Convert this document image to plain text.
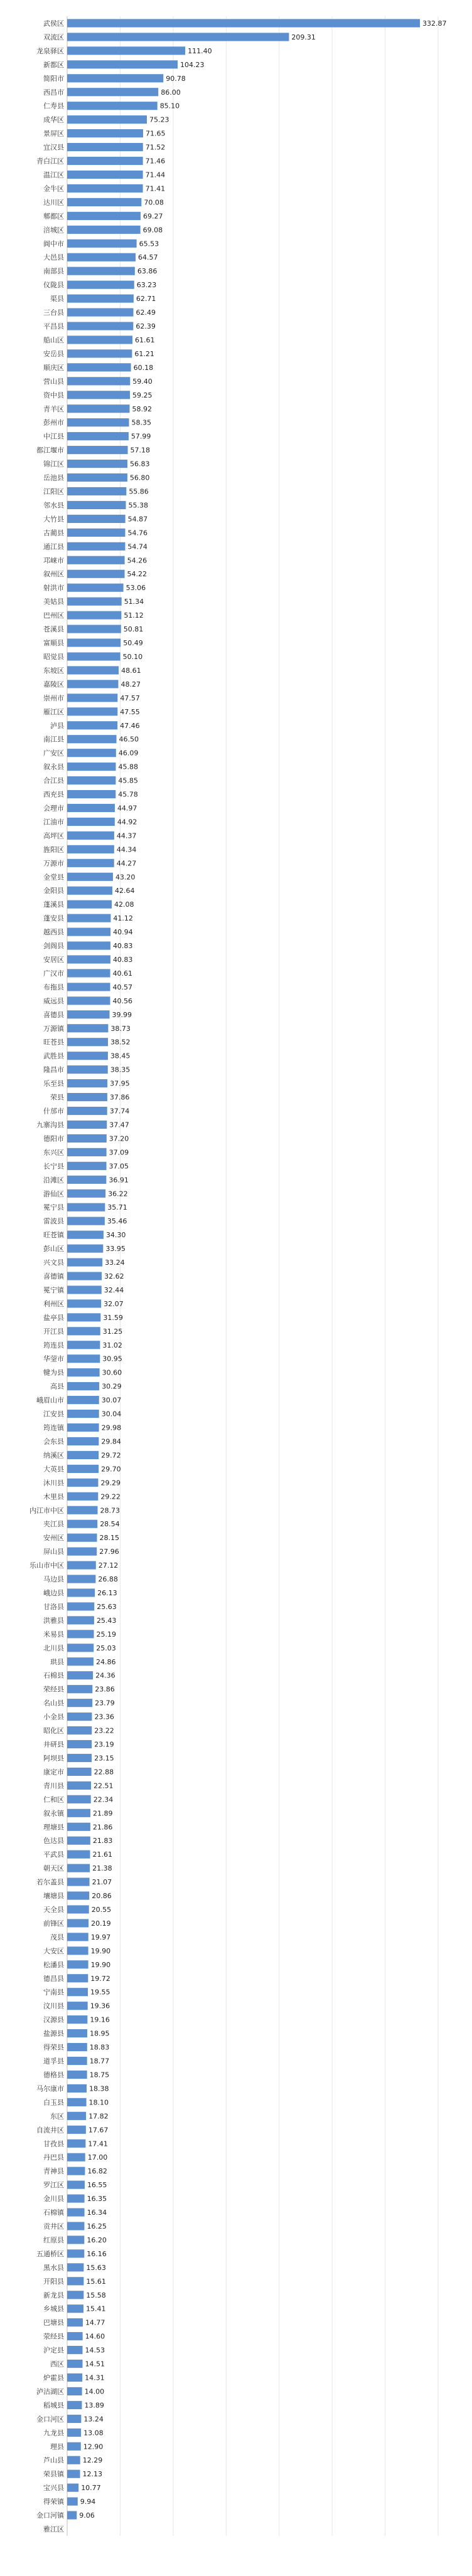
武侯区	332.87
双流区	209.31
龙泉驿区	111.40
新都区	104.23
简阳市	90.78
西昌市	86.00
仁寿县	85.10
成华区	75.23
景屏区	71.65
宜汉县	71.52
青白江区	71.46
温江区	71.44
金牛区	71.41
达川区	70.08
郫都区	69.27
涪城区	69.08
阆中市	65.53
大邑县	64.57
南部县	63.86
仪陇县	63.23
渠县	62.71
三台县	62.49
平昌县	62.39
船山区	61.61
安岳县	61.21
顺庆区	60.18
营山县	59.40
资中县	59.25
青羊区	58.92
彭州市	58.35
中江县	57.99
都江堰市	57.18
锦江区	56.83
岳池县	56.80
江阳区	55.86
邻水县	55.38
大竹县	54.87
古蔺县	54.76
通江县	54.74
邛崃市	54.26
叙州区	54.22
射洪市	53.06
美姑县	51.34
巴州区	51.12
苍溪县	50.81
富顺县	50.49
昭觉县	50.10
东坡区	48.61
嘉陵区	48.27
崇州市	47.57
雁江区	47.55
泸县	47.46
南江县	46.50
广安区	46.09
叙永县	45.88
合江县	45.85
西充县	45.78
会理市	44.97
江油市	44.92
高坪区	44.37
旌阳区	44.34
万源市	44.27
金堂县	43.20
金阳县	42.64
蓬溪县	42.08
蓬安县	41.12
越西县	40.94
剑阁县	40.83
安居区	40.83
广汉市	40.61
布拖县	40.57
威远县	40.56
喜德县	39.99
万源镇	38.73
旺苍县	38.52
武胜县	38.45
隆昌市	38.35
乐至县	37.95
荣县	37.86
什邡市	37.74
九寨沟县	37.47
德阳市	37.20
东兴区	37.09
长宁县	37.05
沿滩区	36.91
游仙区	36.22
冕宁县	35.71
雷波县	35.46
旺苍镇	34.30
彭山区	33.95
兴文县	33.24
喜德镇	32.62
冕宁镇	32.44
利州区	32.07
盐亭县	31.59
开江县	31.25
筠连县	31.02
华蓥市	30.95
犍为县	30.60
高县	30.29
峨眉山市	30.07
江安县	30.04
筠连镇	29.98
会东县	29.84
纳溪区	29.72
大英县	29.70
沐川县	29.29
木里县	29.22
内江市中区	28.73
夹江县	28.54
安州区	28.15
屏山县	27.96
乐山市中区	27.12
马边县	26.88
峨边县	26.13
甘洛县	25.63
洪雅县	25.43
米易县	25.19
北川县	25.03
珙县	24.86
石棉县	24.36
荣经县	23.86
名山县	23.79
小金县	23.36
昭化区	23.22
井研县	23.19
阿坝县	23.15
康定市	22.88
青川县	22.51
仁和区	22.34
叙永镇	21.89
理塘县	21.86
色达县	21.83
平武县	21.61
朝天区	21.38
若尔盖县	21.07
壤塘县	20.86
天全县	20.55
前锋区	20.19
茂县	19.97
大安区	19.90
松潘县	19.90
德昌县	19.72
宁南县	19.55
汶川县	19.36
汉源县	19.16
盐源县	18.95
得荣县	18.83
道孚县	18.77
德格县	18.75
马尔康市	18.38
白玉县	18.10
东区	17.82
自流井区	17.67
甘孜县	17.41
丹巴县	17.00
青神县	16.82
罗江区	16.55
金川县	16.35
石棉镇	16.34
贡井区	16.25
红原县	16.20
五通桥区	16.16
黑水县	15.63
开阳县	15.61
新龙县	15.58
乡城县	15.41
巴塘县	14.77
荥经县	14.60
沪定县	14.53
西区	14.51
炉霍县	14.31
泸沽湖区	14.00
稻城县	13.89
金口河区	13.24
九龙县	13.08
理县	12.90
芦山县	12.29
荣县镇	12.13
宝兴县 10.77
得荣镇 9.94
金口河镇 9.06
雅江区
